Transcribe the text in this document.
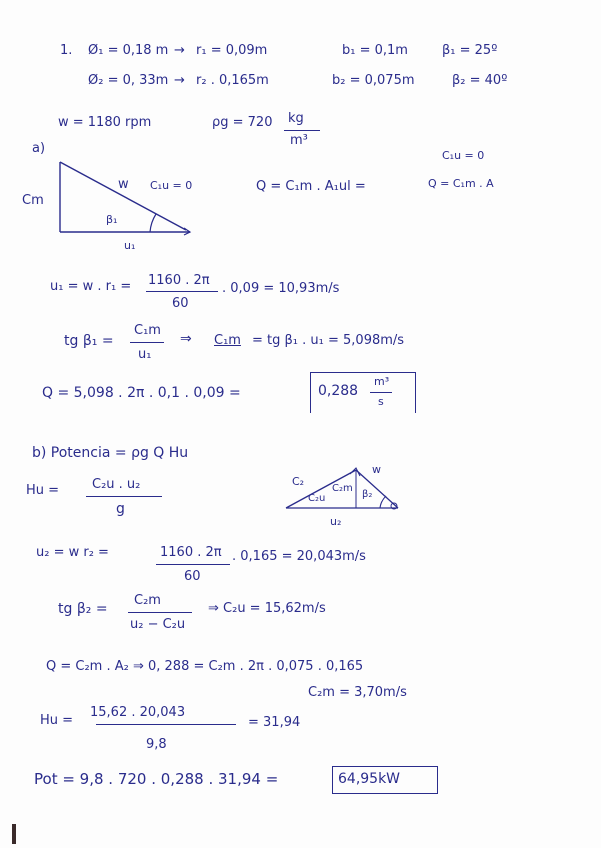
1. Ø₁ = 0,18 m → r₁ = 0,09m	b₁ = 0,1m	β₁ = 25º
Ø₂ = 0, 33m → r₂ . 0,165m	b₂ = 0,075m	β₂ = 40º
w = 1180 rpm	ρg = 720 kg
m³
a)	C₁u = 0
Q = C₁m . A
Cm
w C₁u = 0
β₁
u₁
Q = C₁m . A₁ul =
u₁ = w . r₁ = 1160 . 2π
60
. 0,09 = 10,93m/s
tg β₁ =
C₁m
u₁
⇒ C₁m = tg β₁ . u₁ = 5,098m/s
Q = 5,098 . 2π . 0,1 . 0,09 =	0,288
m³
s
b) Potencia = ρg Q Hu
Hu =	C₂u . u₂
g
C₂
w
C₂m
C₂u	β₂
u₂
u₂ = w r₂ =	1160 . 2π
60
. 0,165 = 20,043m/s
tg β₂ =
C₂m
u₂ − C₂u
⇒ C₂u = 15,62m/s
Q = C₂m . A₂ ⇒ 0, 288 = C₂m . 2π . 0,075 . 0,165
C₂m = 3,70m/s
Hu =
15,62 . 20,043
9,8
= 31,94
Pot = 9,8 . 720 . 0,288 . 31,94 =	64,95kW
